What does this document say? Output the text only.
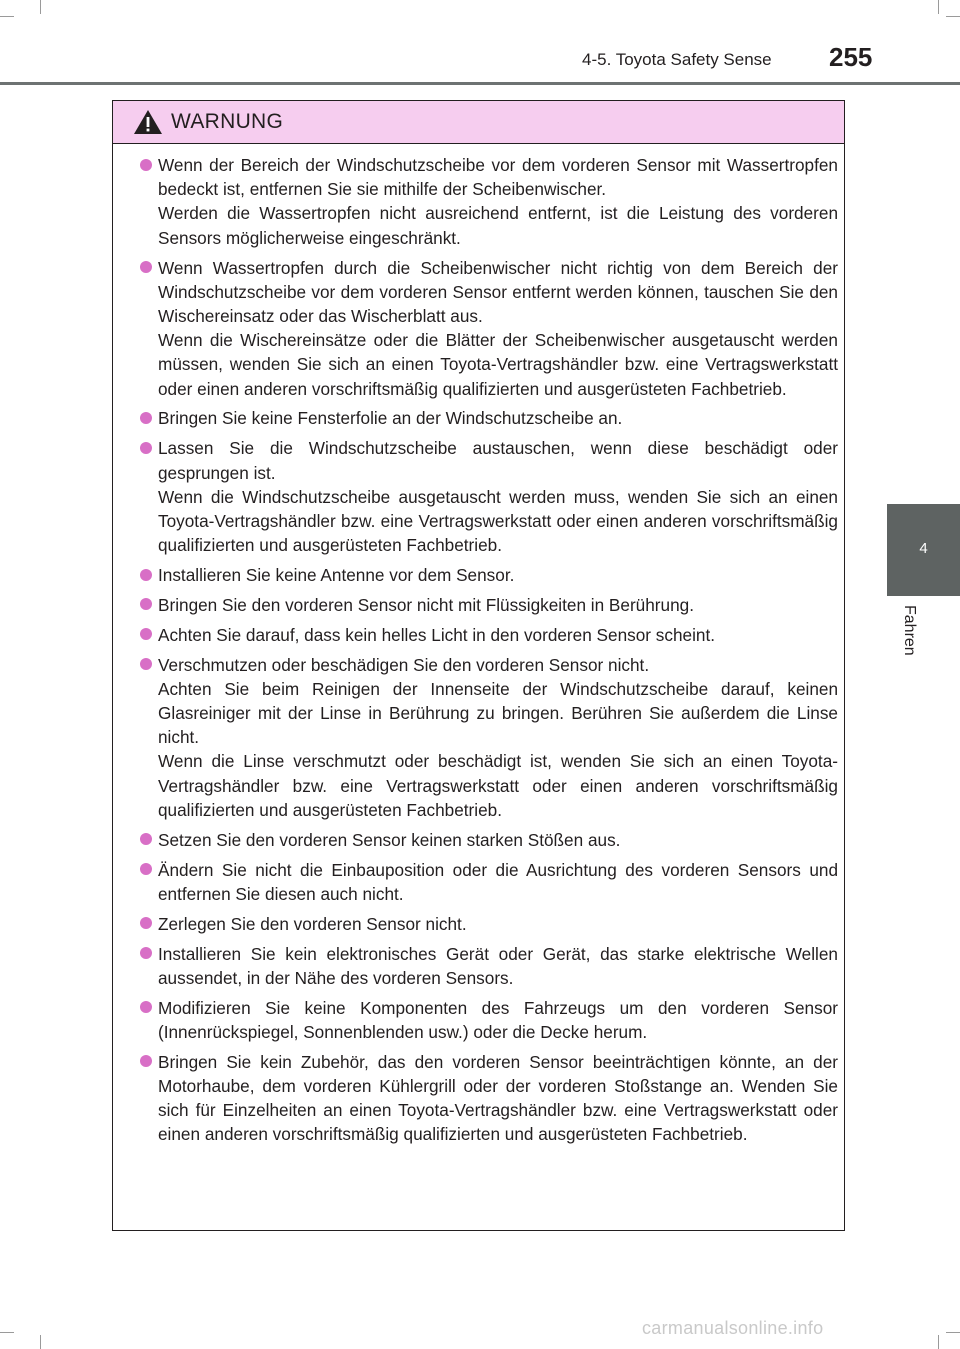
4-5. Toyota Safety Sense 255
4
Fahren
WARNUNG

Wenn der Bereich der Windschutzscheibe vor dem vorderen Sensor mit Wassertropfen bedeckt ist, entfernen Sie sie mithilfe der Scheibenwischer.

Werden die Wassertropfen nicht ausreichend entfernt, ist die Leistung des vorderen Sensors möglicherweise eingeschränkt.

Wenn Wassertropfen durch die Scheibenwischer nicht richtig von dem Bereich der Windschutzscheibe vor dem vorderen Sensor entfernt werden können, tauschen Sie den Wischereinsatz oder das Wischerblatt aus.

Wenn die Wischereinsätze oder die Blätter der Scheibenwischer ausgetauscht werden müssen, wenden Sie sich an einen Toyota-Vertragshändler bzw. eine Vertragswerkstatt oder einen anderen vorschriftsmäßig qualifizierten und ausgerüsteten Fachbetrieb.

Bringen Sie keine Fensterfolie an der Windschutzscheibe an.

Lassen Sie die Windschutzscheibe austauschen, wenn diese beschädigt oder gesprungen ist.

Wenn die Windschutzscheibe ausgetauscht werden muss, wenden Sie sich an einen Toyota-Vertragshändler bzw. eine Vertragswerkstatt oder einen anderen vorschriftsmäßig qualifizierten und ausgerüsteten Fachbetrieb.

Installieren Sie keine Antenne vor dem Sensor.

Bringen Sie den vorderen Sensor nicht mit Flüssigkeiten in Berührung.

Achten Sie darauf, dass kein helles Licht in den vorderen Sensor scheint.

Verschmutzen oder beschädigen Sie den vorderen Sensor nicht.

Achten Sie beim Reinigen der Innenseite der Windschutzscheibe darauf, keinen Glasreiniger mit der Linse in Berührung zu bringen. Berühren Sie außerdem die Linse nicht.

Wenn die Linse verschmutzt oder beschädigt ist, wenden Sie sich an einen Toyota-Vertragshändler bzw. eine Vertragswerkstatt oder einen anderen vorschriftsmäßig qualifizierten und ausgerüsteten Fachbetrieb.

Setzen Sie den vorderen Sensor keinen starken Stößen aus.

Ändern Sie nicht die Einbauposition oder die Ausrichtung des vorderen Sensors und entfernen Sie diesen auch nicht.

Zerlegen Sie den vorderen Sensor nicht.

Installieren Sie kein elektronisches Gerät oder Gerät, das starke elektrische Wellen aussendet, in der Nähe des vorderen Sensors.

Modifizieren Sie keine Komponenten des Fahrzeugs um den vorderen Sensor (Innenrückspiegel, Sonnenblenden usw.) oder die Decke herum.

Bringen Sie kein Zubehör, das den vorderen Sensor beeinträchtigen könnte, an der Motorhaube, dem vorderen Kühlergrill oder der vorderen Stoßstange an. Wenden Sie sich für Einzelheiten an einen Toyota-Vertragshändler bzw. eine Vertragswerkstatt oder einen anderen vorschriftsmäßig qualifizierten und ausgerüsteten Fachbetrieb.

carmanualsonline.info
